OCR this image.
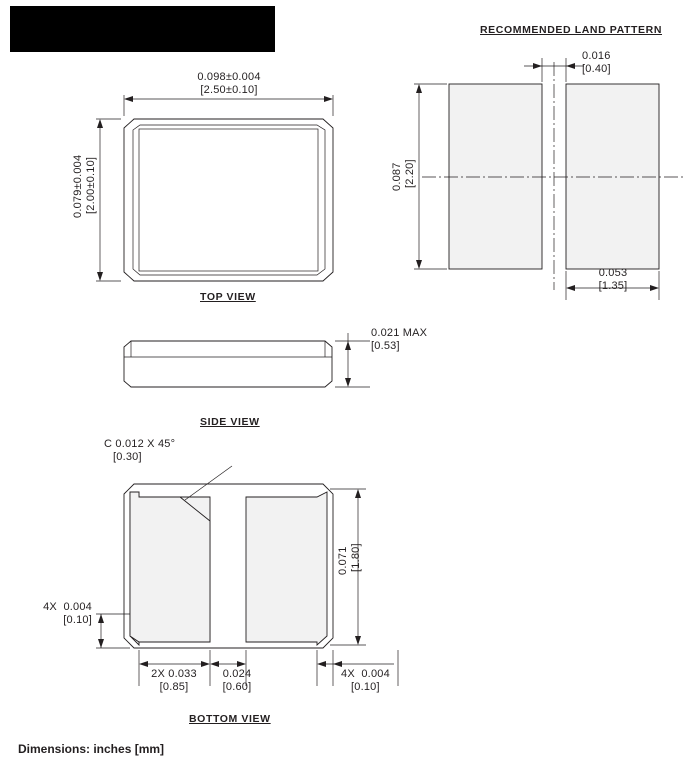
0.098±0.004
[2.50±0.10]
0.079±0.004 [2.00±0.10]
TOP VIEW
0.021 MAX
[0.53]
SIDE VIEW
C 0.012 X 45°
[0.30]
0.071 [1.80]
4X  0.004
[0.10]
2X 0.033
[0.85]
0.024
[0.60]
4X  0.004
[0.10]
BOTTOM VIEW
RECOMMENDED LAND PATTERN
0.016
[0.40]
0.087 [2.20]
0.053
[1.35]
Dimensions: inches [mm]
